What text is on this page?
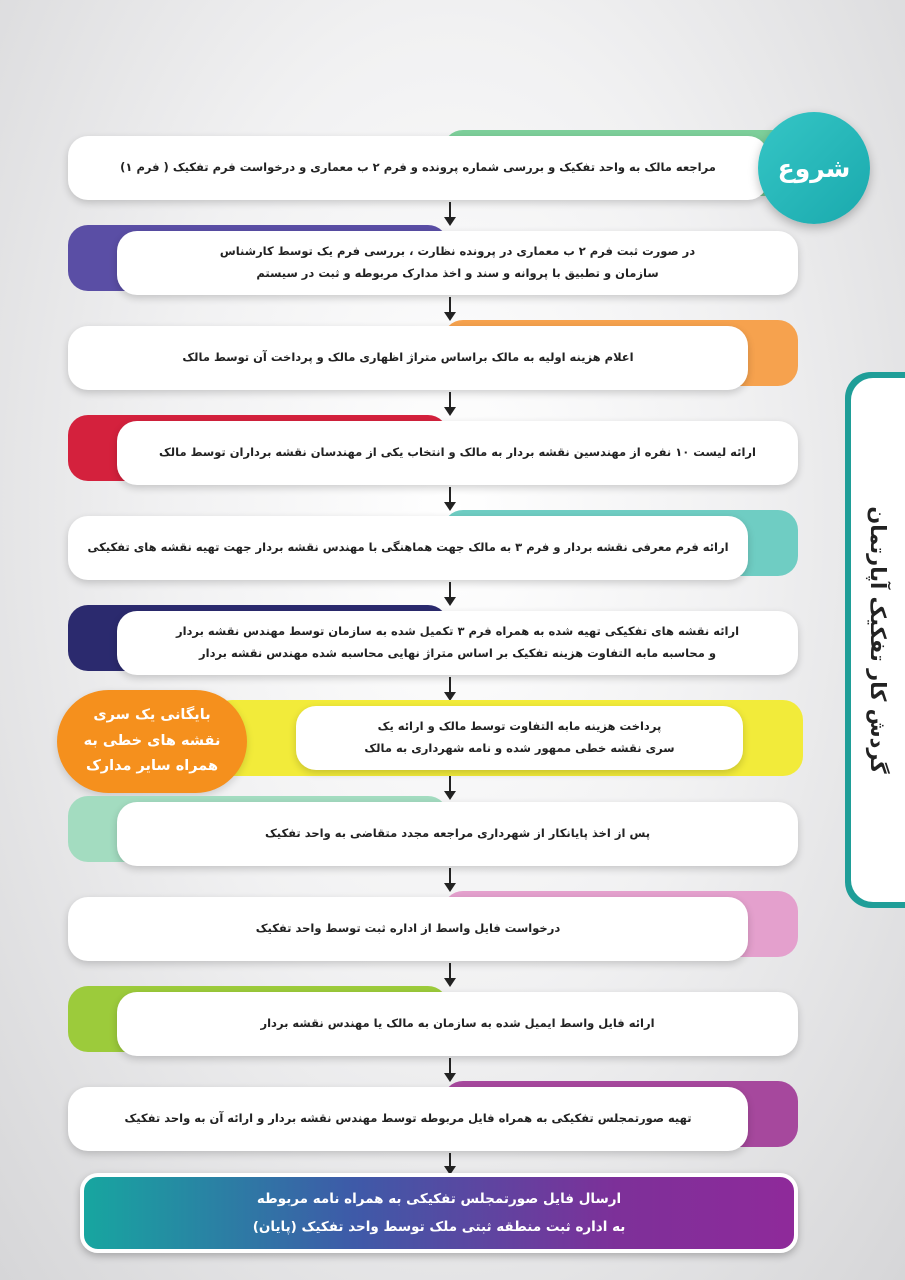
گردش کار تفکیک آپارتمان
مراجعه مالک به واحد تفکیک و بررسی شماره پرونده و فرم ۲ ب معماری و درخواست فرم تفکیک ( فرم ۱)	شروع
در صورت ثبت فرم ۲ ب معماری در پرونده نظارت ، بررسی فرم یک توسط کارشناس
سازمان و تطبیق با پروانه و سند و اخذ مدارک مربوطه و ثبت در سیستم
اعلام هزینه اولیه به مالک براساس متراژ اظهاری مالک و پرداخت آن توسط مالک
ارائه لیست ۱۰ نفره از مهندسین نقشه بردار به مالک و انتخاب یکی از مهندسان نقشه برداران توسط مالک
ارائه فرم معرفی نقشه بردار و فرم ۳ به مالک جهت هماهنگی با مهندس نقشه بردار جهت تهیه نقشه های تفکیکی
ارائه نقشه های تفکیکی تهیه شده به همراه فرم ۳ تکمیل شده به سازمان توسط مهندس نقشه بردار
و محاسبه مابه التفاوت هزینه تفکیک بر اساس متراژ نهایی محاسبه شده مهندس نقشه بردار
پرداخت هزینه مابه التفاوت توسط مالک و ارائه یک
سری نقشه خطی ممهور شده و نامه شهرداری به مالک
بایگانی یک سری
نقشه های خطی به
همراه سایر مدارک
پس از اخذ پایانکار از شهرداری مراجعه مجدد متقاضی به واحد تفکیک
درخواست فایل واسط از اداره ثبت توسط واحد تفکیک
ارائه فایل واسط ایمیل شده به سازمان به مالک یا مهندس نقشه بردار
تهیه صورتمجلس تفکیکی به همراه فایل مربوطه توسط مهندس نقشه بردار و ارائه آن به واحد تفکیک
ارسال فایل صورتمجلس تفکیکی به همراه نامه مربوطه
به اداره ثبت منطقه ثبتی ملک توسط واحد تفکیک (پایان)
